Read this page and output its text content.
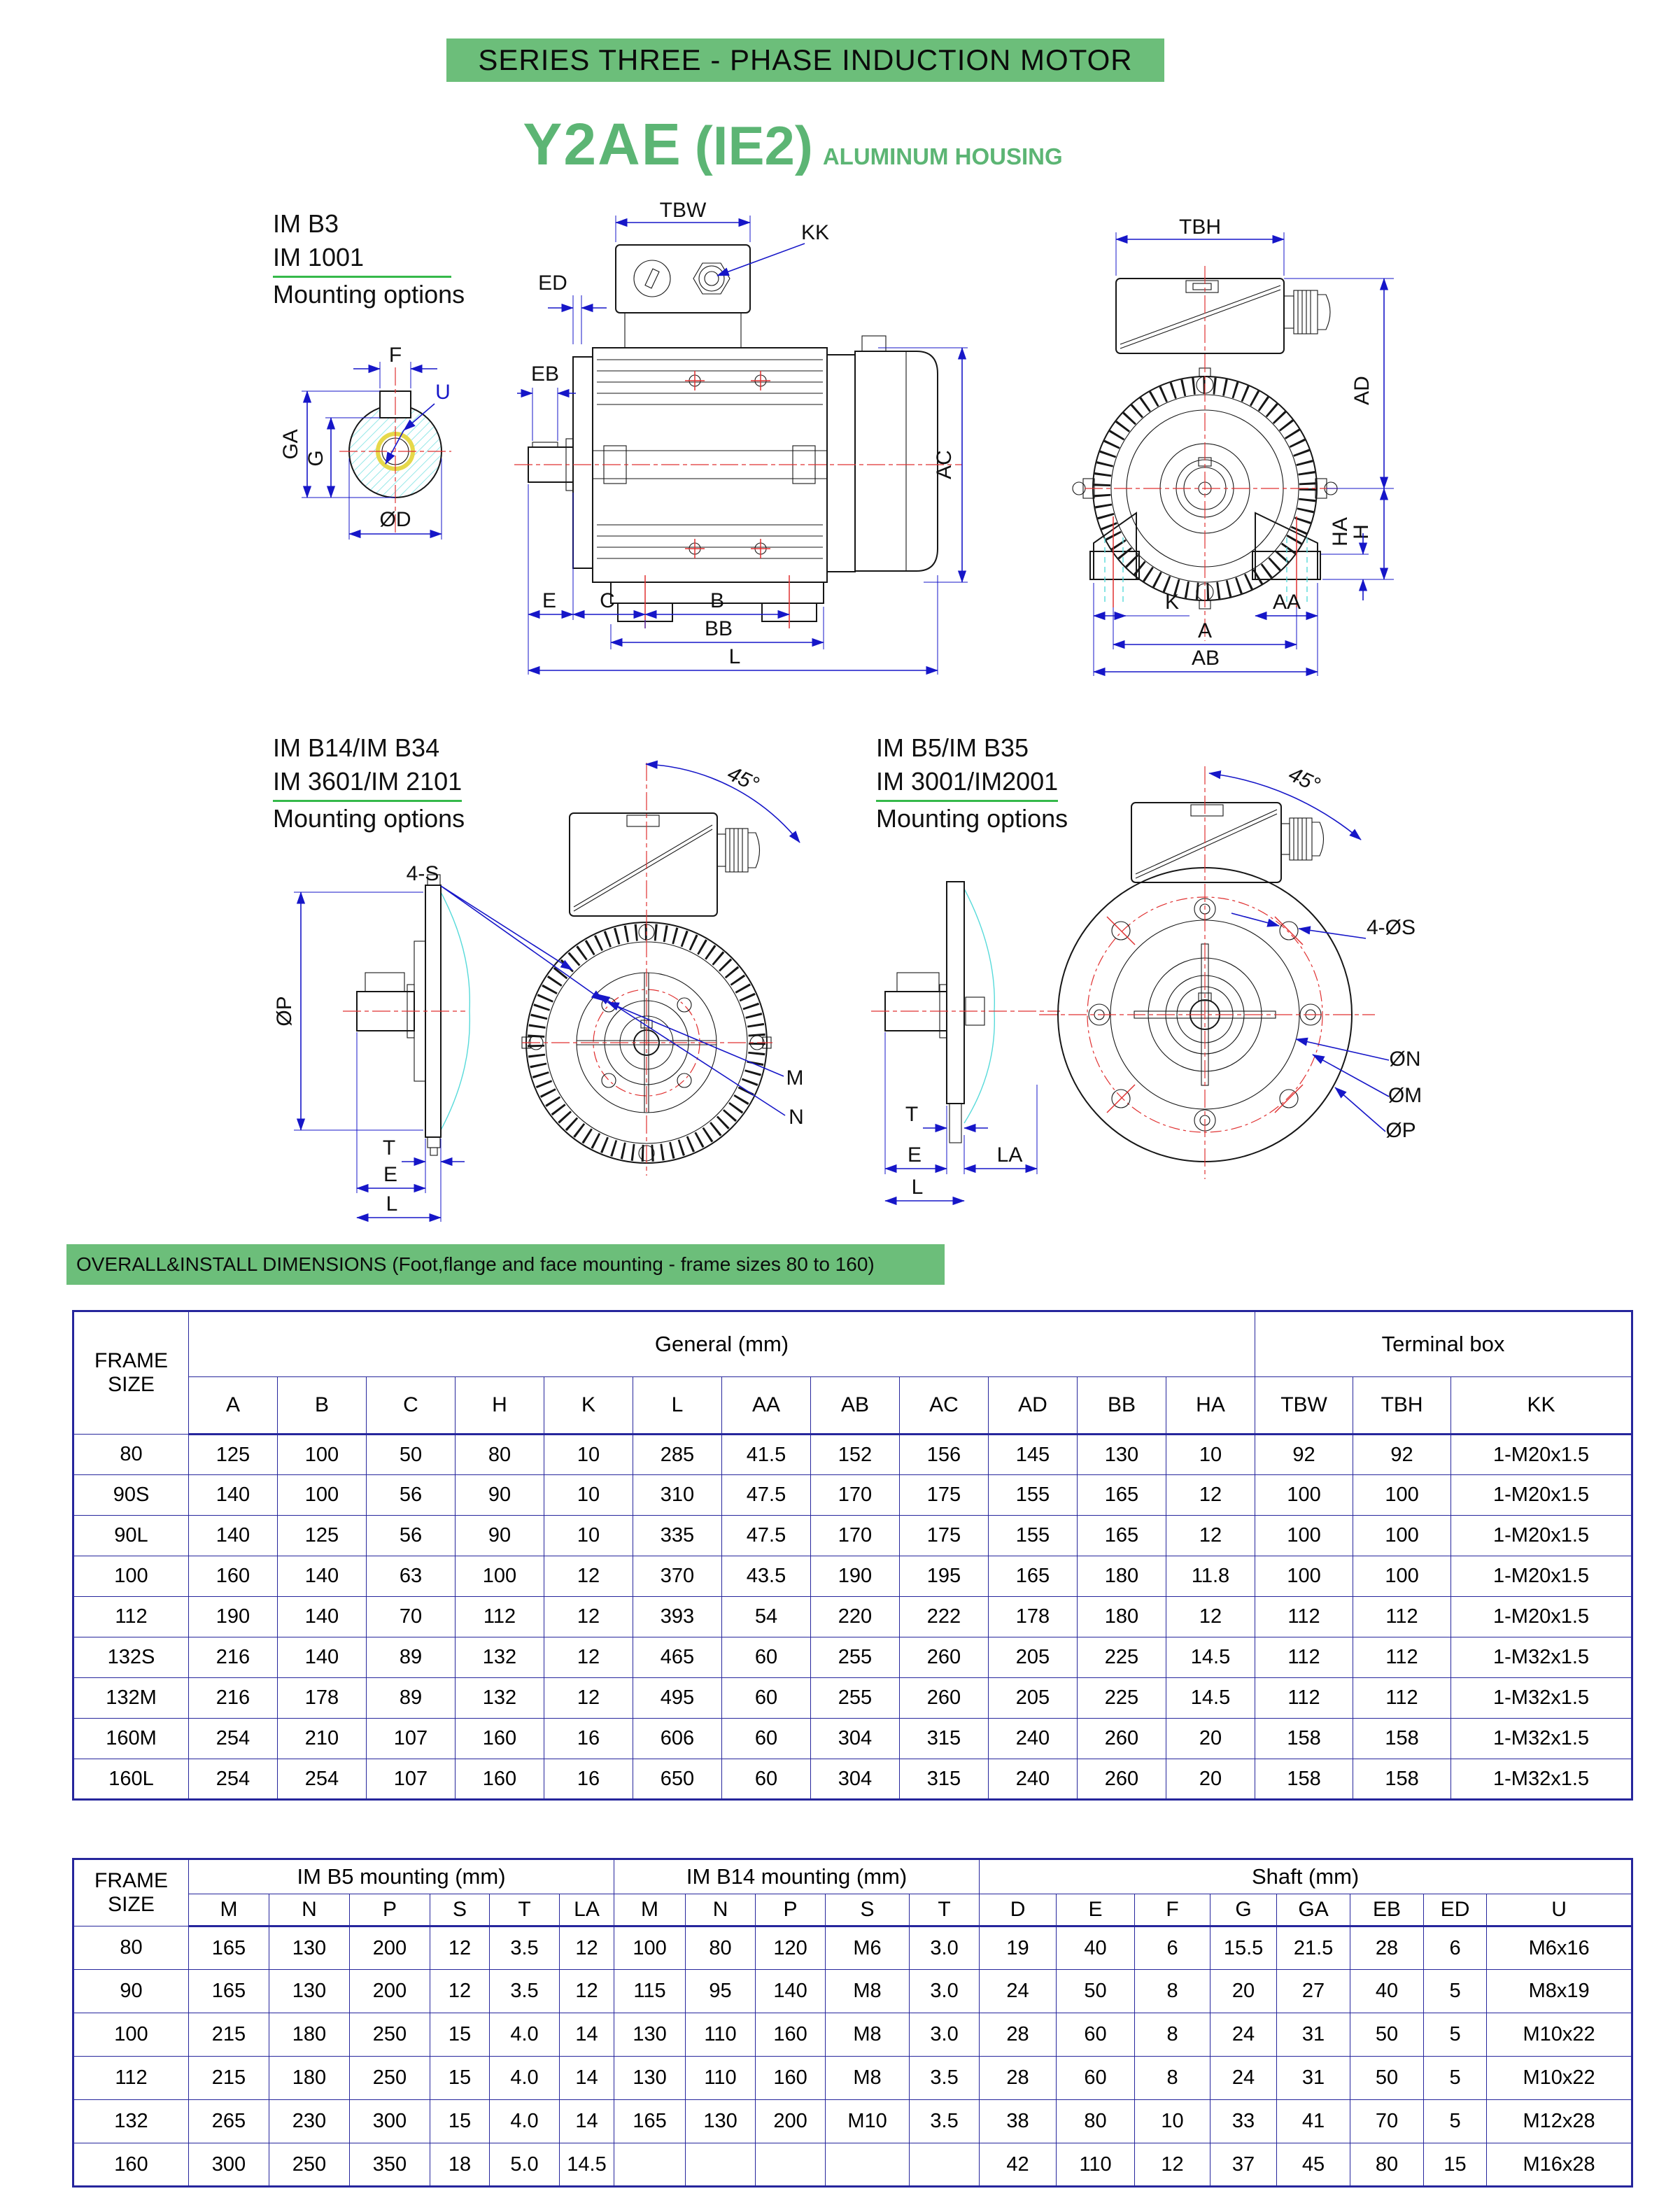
SERIES THREE - PHASE INDUCTION MOTOR
Y2AE (IE2) ALUMINUM HOUSING
IM B3
IM 1001
Mounting options
F
GA G
ØD
U
TBW
KK
ED
EB
AC
E C	B
BB
L
TBH
AD
H
HA
K	AA
A
AB
IM B14/IM B34
IM 3601/IM 2101
Mounting options
ØP
T
E
L
45°
4-S
M
N
IM B5/IM B35
IM 3001/IM2001
Mounting options
T
E	LA
L
45°
4-ØS
ØN
ØM
ØP
OVERALL&INSTALL DIMENSIONS (Foot,flange and face mounting - frame sizes 80 to 160)
FRAME
SIZE	General (mm)												Terminal box		
	A	B	C	H	K	L	AA	AB	AC	AD	BB	HA	TBW	TBH	KK
80	125	100	50	80	10	285	41.5	152	156	145	130	10	92	92	1-M20x1.5
90S	140	100	56	90	10	310	47.5	170	175	155	165	12	100	100	1-M20x1.5
90L	140	125	56	90	10	335	47.5	170	175	155	165	12	100	100	1-M20x1.5
100	160	140	63	100	12	370	43.5	190	195	165	180	11.8	100	100	1-M20x1.5
112	190	140	70	112	12	393	54	220	222	178	180	12	112	112	1-M20x1.5
132S	216	140	89	132	12	465	60	255	260	205	225	14.5	112	112	1-M32x1.5
132M	216	178	89	132	12	495	60	255	260	205	225	14.5	112	112	1-M32x1.5
160M	254	210	107	160	16	606	60	304	315	240	260	20	158	158	1-M32x1.5
160L	254	254	107	160	16	650	60	304	315	240	260	20	158	158	1-M32x1.5
FRAME
SIZE	IM B5 mounting (mm)						IM B14 mounting (mm)					Shaft (mm)							
	M	N	P	S	T	LA	M	N	P	S	T	D	E	F	G	GA	EB	ED	U
80	165	130	200	12	3.5	12	100	80	120	M6	3.0	19	40	6	15.5	21.5	28	6	M6x16
90	165	130	200	12	3.5	12	115	95	140	M8	3.0	24	50	8	20	27	40	5	M8x19
100	215	180	250	15	4.0	14	130	110	160	M8	3.0	28	60	8	24	31	50	5	M10x22
112	215	180	250	15	4.0	14	130	110	160	M8	3.5	28	60	8	24	31	50	5	M10x22
132	265	230	300	15	4.0	14	165	130	200	M10	3.5	38	80	10	33	41	70	5	M12x28
160	300	250	350	18	5.0	14.5						42	110	12	37	45	80	15	M16x28
